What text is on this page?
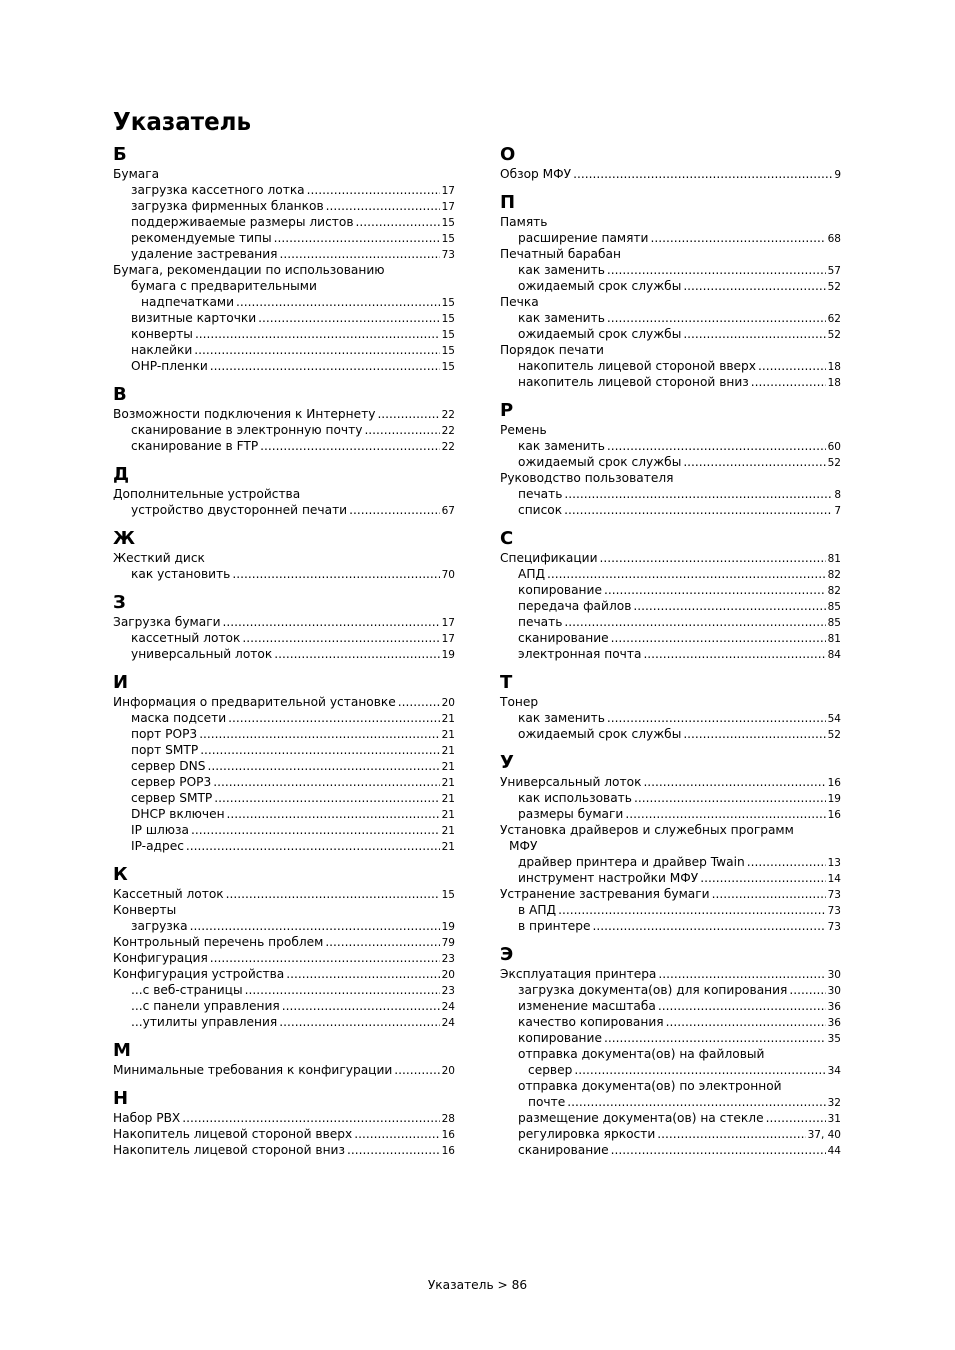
Указатель
Б
Бумага
загрузка кассетного лотка .....	17
загрузка фирменных бланков .....	17
поддерживаемые размеры листов .....	15
рекомендуемые типы .....	15
удаление застревания .....	73
Бумага, рекомендации по использованию
бумага с предварительными
надпечатками .....	15
визитные карточки .....	15
конверты .....	15
наклейки .....	15
OHP-пленки .....	15
В
Возможности подключения к Интернету .....	22
сканирование в электронную почту .....	22
сканирование в FTP .....	22
Д
Дополнительные устройства
устройство двусторонней печати .....	67
Ж
Жесткий диск
как установить .....	70
З
Загрузка бумаги .....	17
кассетный лоток .....	17
универсальный лоток .....	19
И
Информация о предварительной установке .....	20
маска подсети .....	21
порт POP3 .....	21
порт SMTP .....	21
сервер DNS .....	21
сервер POP3 .....	21
сервер SMTP .....	21
DHCP включен .....	21
IP шлюза .....	21
IP-адрес .....	21
К
Кассетный лоток .....	15
Конверты
загрузка .....	19
Контрольный перечень проблем .....	79
Конфигурация .....	23
Конфигурация устройства .....	20
...с веб-страницы .....	23
...с панели управления .....	24
...утилиты управления .....	24
М
Минимальные требования к конфигурации .....	20
Н
Набор PBX .....	28
Накопитель лицевой стороной вверх .....	16
Накопитель лицевой стороной вниз .....	16
О
Обзор МФУ .....	9
П
Память
расширение памяти .....	68
Печатный барабан
как заменить .....	57
ожидаемый срок службы .....	52
Печка
как заменить .....	62
ожидаемый срок службы .....	52
Порядок печати
накопитель лицевой стороной вверх .....	18
накопитель лицевой стороной вниз .....	18
Р
Ремень
как заменить .....	60
ожидаемый срок службы .....	52
Руководство пользователя
печать .....	8
список .....	7
С
Спецификации .....	81
АПД .....	82
копирование .....	82
передача файлов .....	85
печать .....	85
сканирование .....	81
электронная почта .....	84
Т
Тонер
как заменить .....	54
ожидаемый срок службы .....	52
У
Универсальный лоток .....	16
как использовать .....	19
размеры бумаги .....	16
Установка драйверов и служебных программ
МФУ
драйвер принтера и драйвер Twain .....	13
инструмент настройки МФУ .....	14
Устранение застревания бумаги .....	73
в АПД .....	73
в принтере .....	73
Э
Эксплуатация принтера .....	30
загрузка документа(ов) для копирования .....	30
изменение масштаба .....	36
качество копирования .....	36
копирование .....	35
отправка документа(ов) на файловый
сервер .....	34
отправка документа(ов) по электронной
почте .....	32
размещение документа(ов) на стекле .....	31
регулировка яркости .....	37, 40
сканирование .....	44
Указатель > 86
